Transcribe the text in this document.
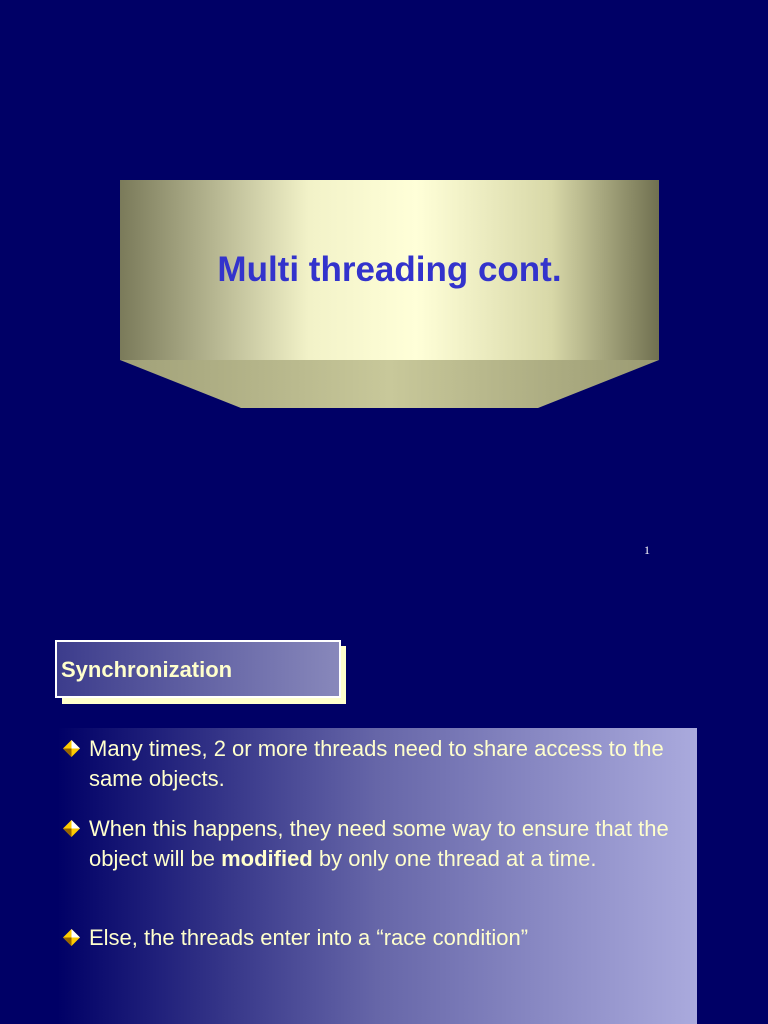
Multi threading cont.
1
Synchronization
Many times, 2 or more threads need to share access to the same objects.
When this happens, they need some way to ensure that the object will be modified by only one thread at a time.
Else, the threads enter into a “race condition”
